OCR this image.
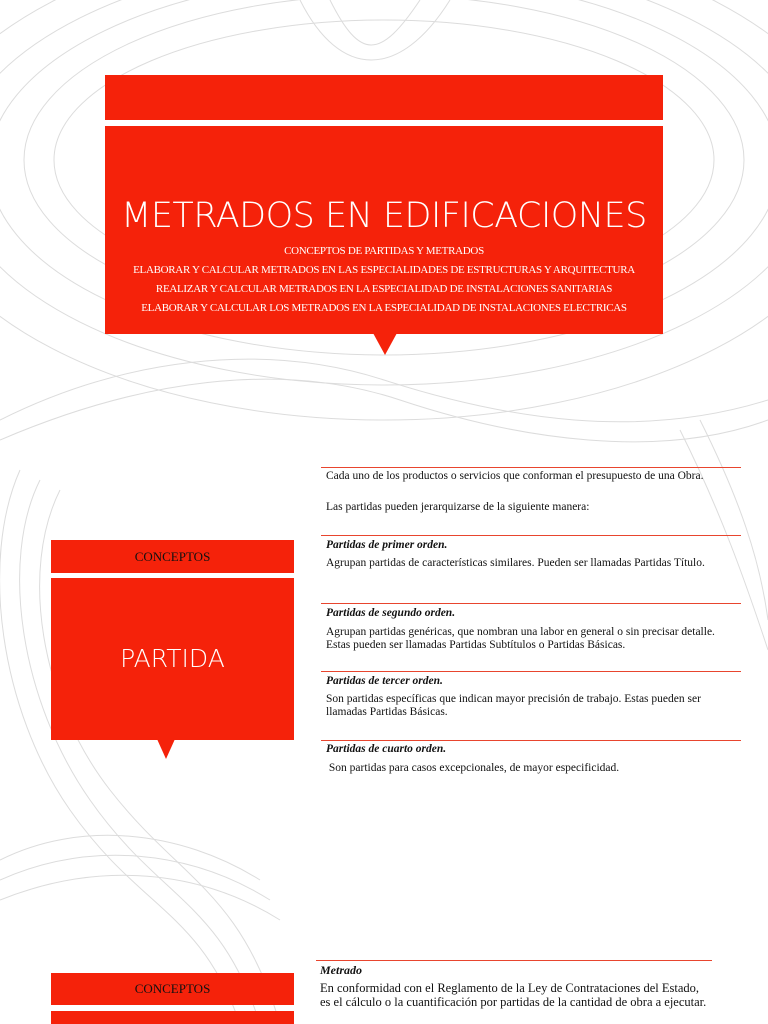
METRADOS EN EDIFICACIONES
CONCEPTOS DE PARTIDAS Y METRADOS
ELABORAR Y CALCULAR METRADOS EN LAS ESPECIALIDADES DE ESTRUCTURAS Y ARQUITECTURA
REALIZAR Y CALCULAR METRADOS EN LA ESPECIALIDAD DE INSTALACIONES SANITARIAS
ELABORAR Y CALCULAR LOS METRADOS EN LA ESPECIALIDAD DE INSTALACIONES ELECTRICAS
CONCEPTOS
PARTIDA
Cada uno de los productos o servicios que conforman el presupuesto de una Obra.
Las partidas pueden jerarquizarse de la siguiente manera:
Partidas de primer orden.
Agrupan partidas de características similares. Pueden ser llamadas Partidas Título.
Partidas de segundo orden.
Agrupan partidas genéricas, que nombran una labor en general o sin precisar detalle. Estas pueden ser llamadas Partidas Subtítulos o Partidas Básicas.
Partidas de tercer orden.
Son partidas específicas que indican mayor precisión de trabajo. Estas pueden ser llamadas Partidas Básicas.
Partidas de cuarto orden.
Son partidas para casos excepcionales, de mayor especificidad.
CONCEPTOS
Metrado
En conformidad con el Reglamento de la Ley de Contrataciones del Estado, es el cálculo o la cuantificación por partidas de la cantidad de obra a ejecutar.
